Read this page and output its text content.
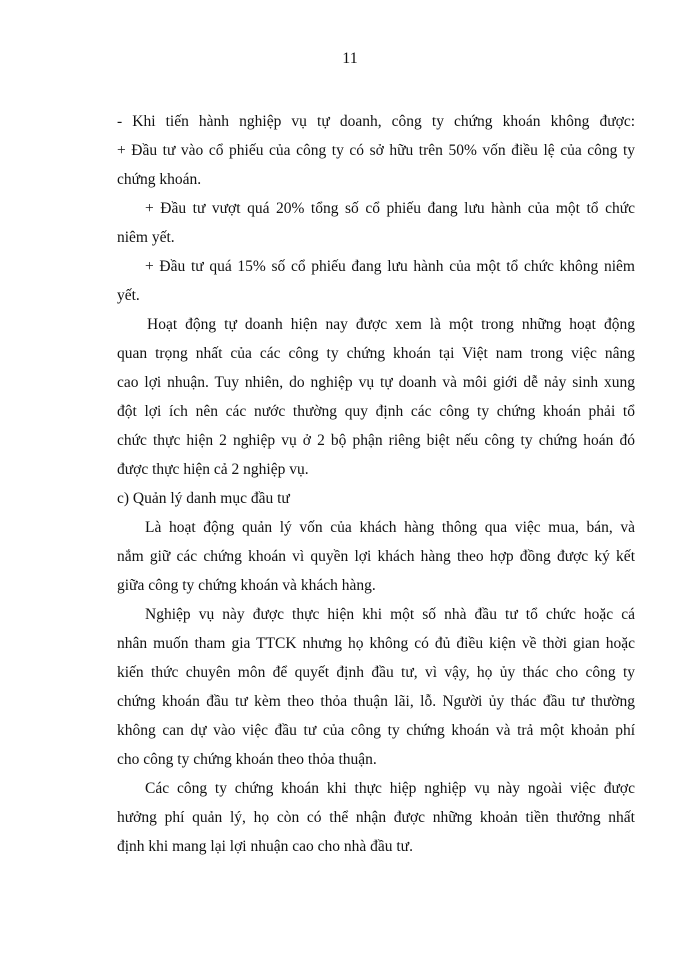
11
- Khi tiến hành nghiệp vụ tự doanh, công ty chứng khoán không được:
+ Đầu tư vào cổ phiếu của công ty có sở hữu trên 50% vốn điều lệ của công ty
chứng khoán.
+ Đầu tư vượt quá 20% tổng số cổ phiếu đang lưu hành của một tổ chức
niêm yết.
+ Đầu tư quá 15% số cổ phiếu đang lưu hành của một tổ chức không niêm
yết.
Hoạt động tự doanh hiện nay được xem là một trong những hoạt động
quan trọng nhất của các công ty chứng khoán tại Việt nam trong việc nâng
cao lợi nhuận. Tuy nhiên, do nghiệp vụ tự doanh và môi giới dễ nảy sinh xung
đột lợi ích nên các nước thường quy định các công ty chứng khoán phải tổ
chức thực hiện 2 nghiệp vụ ở 2 bộ phận riêng biệt nếu công ty chứng hoán đó
được thực hiện cả 2 nghiệp vụ.
c) Quản lý danh mục đầu tư
Là hoạt động quản lý vốn của khách hàng thông qua việc mua, bán, và
nắm giữ các chứng khoán vì quyền lợi khách hàng theo hợp đồng được ký kết
giữa công ty chứng khoán và khách hàng.
Nghiệp vụ này được thực hiện khi một số nhà đầu tư tổ chức hoặc cá
nhân muốn tham gia TTCK nhưng họ không có đủ điều kiện về thời gian hoặc
kiến thức chuyên môn để quyết định đầu tư, vì vậy, họ ủy thác cho công ty
chứng khoán đầu tư kèm theo thỏa thuận lãi, lỗ. Người ủy thác đầu tư thường
không can dự vào việc đầu tư của công ty chứng khoán và trả một khoản phí
cho công ty chứng khoán theo thỏa thuận.
Các công ty chứng khoán khi thực hiệp nghiệp vụ này ngoài việc được
hưởng phí quản lý, họ còn có thể nhận được những khoản tiền thưởng nhất
định khi mang lại lợi nhuận cao cho nhà đầu tư.
